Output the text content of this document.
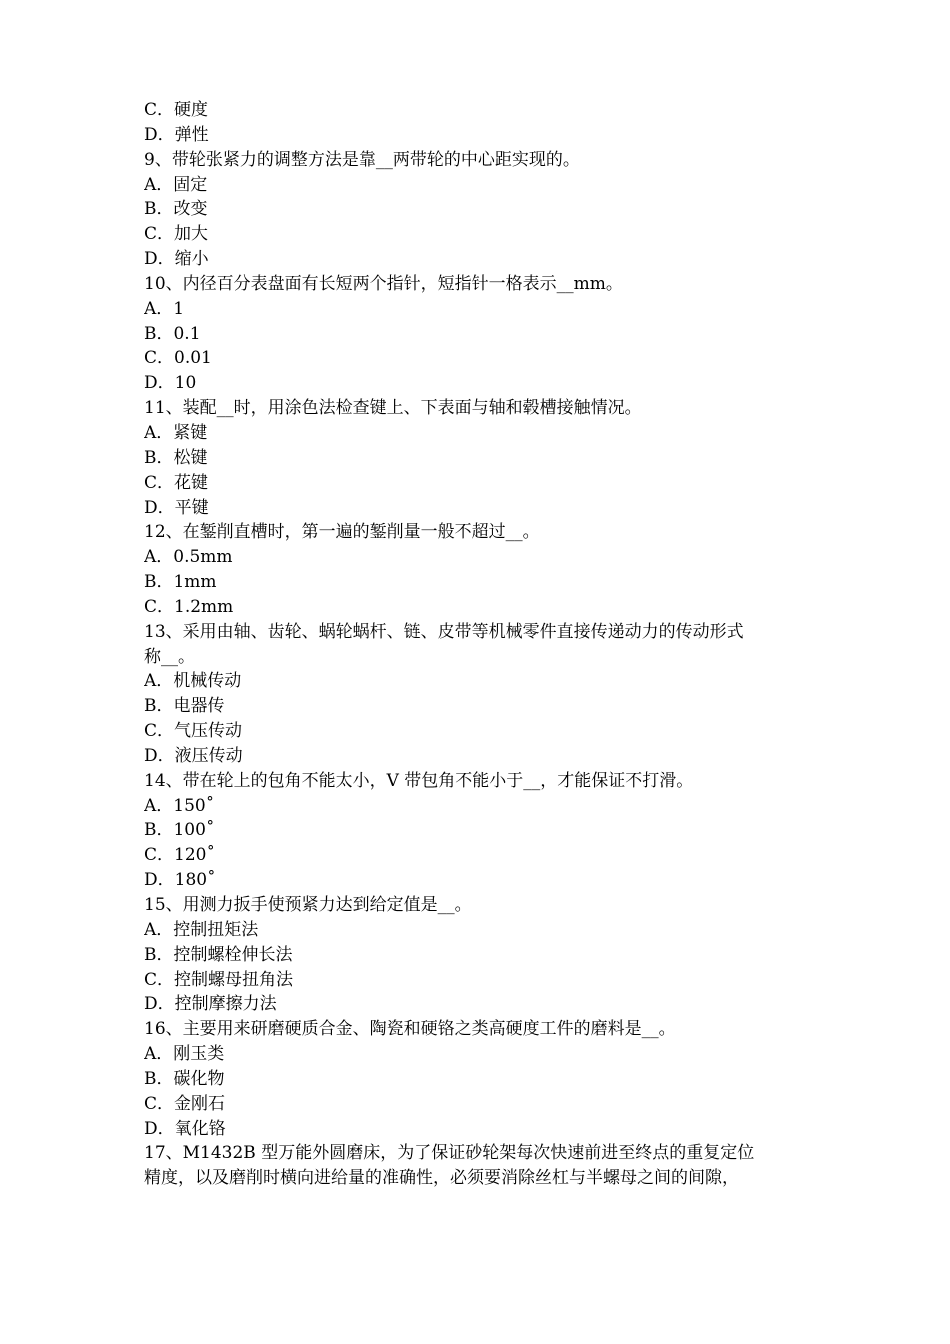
C．硬度
D．弹性
9、带轮张紧力的调整方法是靠__两带轮的中心距实现的。
A．固定
B．改变
C．加大
D．缩小
10、内径百分表盘面有长短两个指针，短指针一格表示__mm。
A．1
B．0.1
C．0.01
D．10
11、装配__时，用涂色法检查键上、下表面与轴和毂槽接触情况。
A．紧键
B．松键
C．花键
D．平键
12、在錾削直槽时，第一遍的錾削量一般不超过__。
A．0.5mm
B．1mm
C．1.2mm
13、采用由轴、齿轮、蜗轮蜗杆、链、皮带等机械零件直接传递动力的传动形式
称__。
A．机械传动
B．电器传
C．气压传动
D．液压传动
14、带在轮上的包角不能太小，V 带包角不能小于__，才能保证不打滑。
A．150˚
B．100˚
C．120˚
D．180˚
15、用测力扳手使预紧力达到给定值是__。
A．控制扭矩法
B．控制螺栓伸长法
C．控制螺母扭角法
D．控制摩擦力法
16、主要用来研磨硬质合金、陶瓷和硬铬之类高硬度工件的磨料是__。
A．刚玉类
B．碳化物
C．金刚石
D．氧化铬
17、M1432B 型万能外圆磨床，为了保证砂轮架每次快速前进至终点的重复定位
精度，以及磨削时横向进给量的准确性，必须要消除丝杠与半螺母之间的间隙，
